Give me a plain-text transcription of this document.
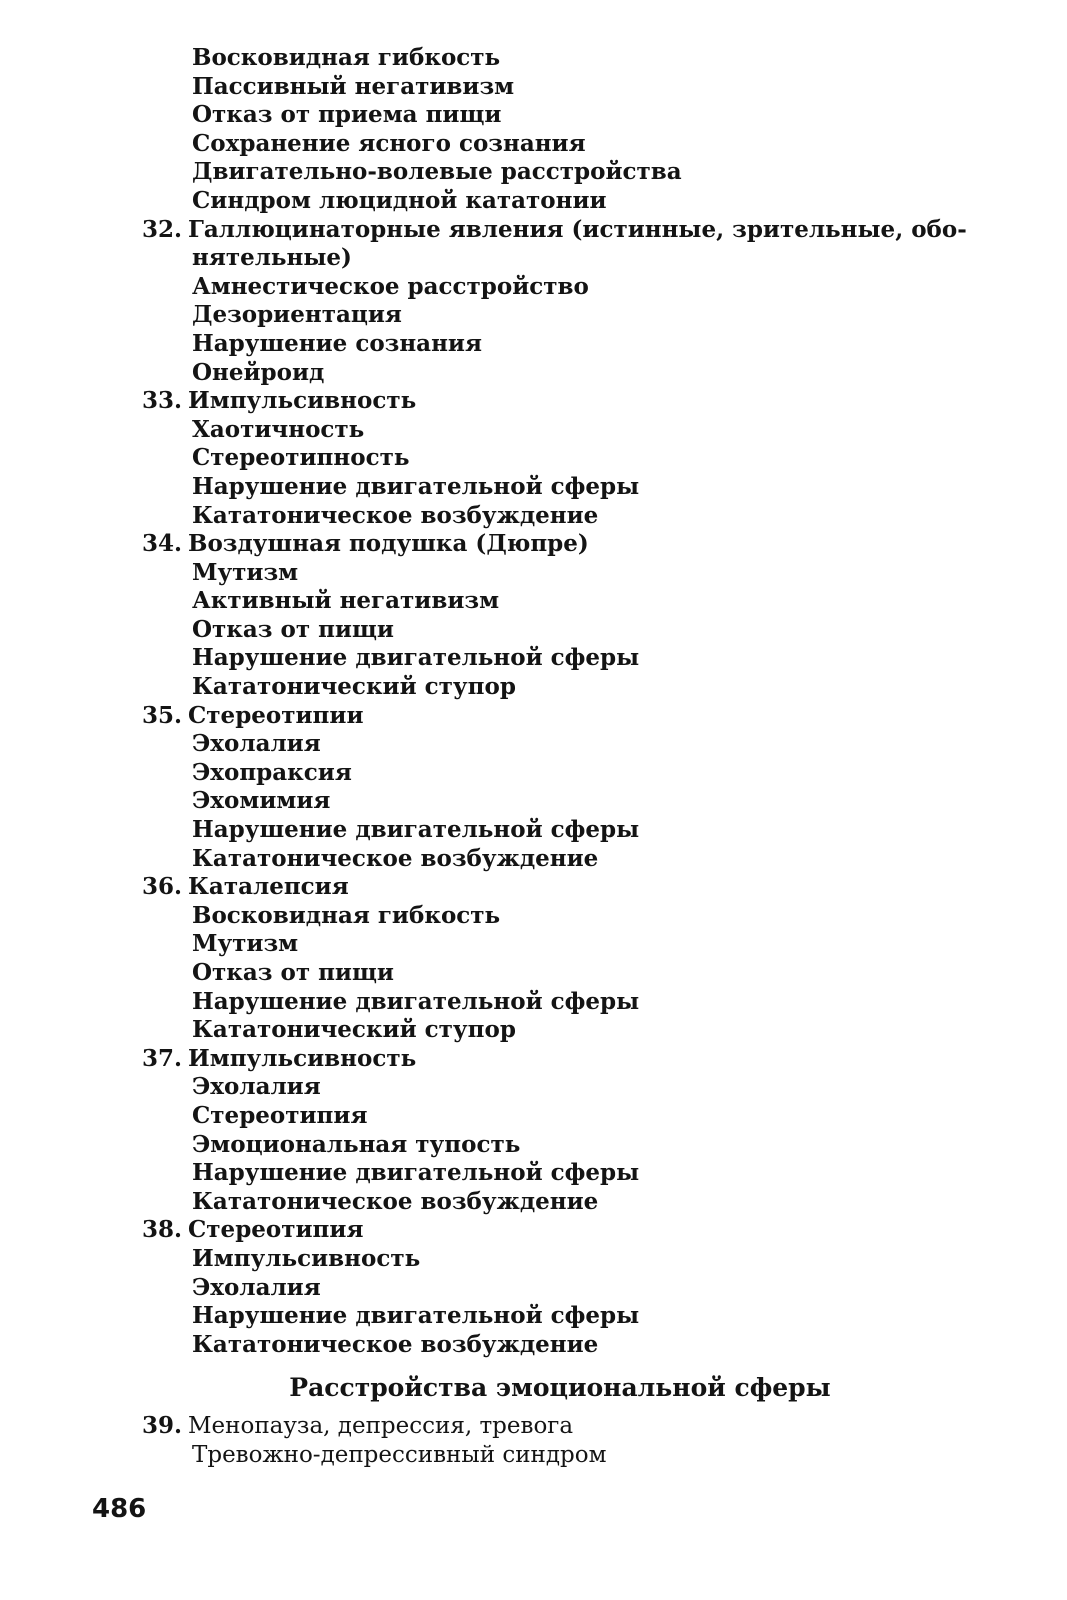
Восковидная гибкость
Пассивный негативизм
Отказ от приема пищи
Сохранение ясного сознания
Двигательно-волевые расстройства
Синдром люцидной кататонии
32. Галлюцинаторные явления (истинные, зрительные, обо-
нятельные)
Амнестическое расстройство
Дезориентация
Нарушение сознания
Онейроид
33. Импульсивность
Хаотичность
Стереотипность
Нарушение двигательной сферы
Кататоническое возбуждение
34. Воздушная подушка (Дюпре)
Мутизм
Активный негативизм
Отказ от пищи
Нарушение двигательной сферы
Кататонический ступор
35. Стереотипии
Эхолалия
Эхопраксия
Эхомимия
Нарушение двигательной сферы
Кататоническое возбуждение
36. Каталепсия
Восковидная гибкость
Мутизм
Отказ от пищи
Нарушение двигательной сферы
Кататонический ступор
37. Импульсивность
Эхолалия
Стереотипия
Эмоциональная тупость
Нарушение двигательной сферы
Кататоническое возбуждение
38. Стереотипия
Импульсивность
Эхолалия
Нарушение двигательной сферы
Кататоническое возбуждение
Расстройства эмоциональной сферы
39. Менопауза, депрессия, тревога
Тревожно-депрессивный синдром
486
